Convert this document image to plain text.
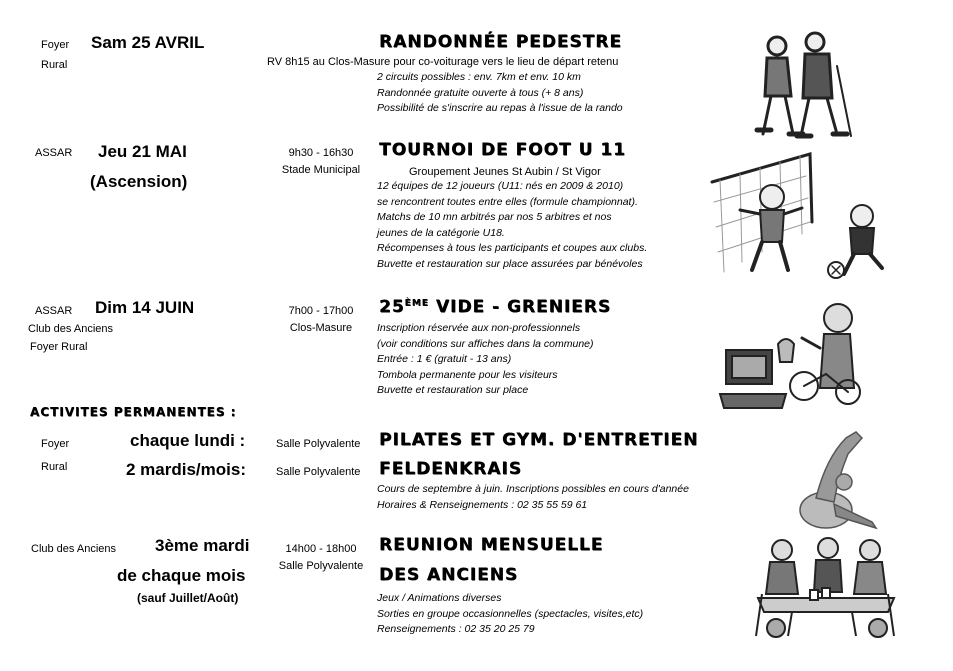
Foyer
Rural
Sam 25 AVRIL	RANDONNÉE PEDESTRE
RV 8h15 au Clos-Masure pour co-voiturage vers le lieu de départ retenu
2 circuits possibles : env. 7km et env. 10 km
Randonnée gratuite ouverte à tous (+ 8 ans)
Possibilité de s'inscrire au repas à l'issue de la rando
ASSAR Jeu 21 MAI
(Ascension)
9h30 - 16h30
Stade Municipal
TOURNOI DE FOOT U 11
Groupement Jeunes St Aubin / St Vigor
12 équipes de 12 joueurs (U11: nés en 2009 & 2010)
se rencontrent toutes entre elles (formule championnat).
Matchs de 10 mn arbitrés par nos 5 arbitres et nos
jeunes de la catégorie U18.
Récompenses à tous les participants et coupes aux clubs.
Buvette et restauration sur place assurées par bénévoles
ASSAR
Club des Anciens
Foyer Rural
Dim 14 JUIN	7h00 - 17h00
Clos-Masure
25ÈME VIDE - GRENIERS
Inscription réservée aux non-professionnels
(voir conditions sur affiches dans la commune)
Entrée : 1 € (gratuit - 13 ans)
Tombola permanente pour les visiteurs
Buvette et restauration sur place
ACTIVITES PERMANENTES :
Foyer
Rural
chaque lundi :
2 mardis/mois:
Salle Polyvalente
Salle Polyvalente
PILATES ET GYM. D'ENTRETIEN
FELDENKRAIS
Cours de septembre à juin. Inscriptions possibles en cours d'année
Horaires & Renseignements : 02 35 55 59 61
Club des Anciens 3ème mardi
de chaque mois
(sauf Juillet/Août)
14h00 - 18h00
Salle Polyvalente
REUNION MENSUELLE
DES ANCIENS
Jeux / Animations diverses
Sorties en groupe occasionnelles (spectacles, visites,etc)
Renseignements : 02 35 20 25 79
